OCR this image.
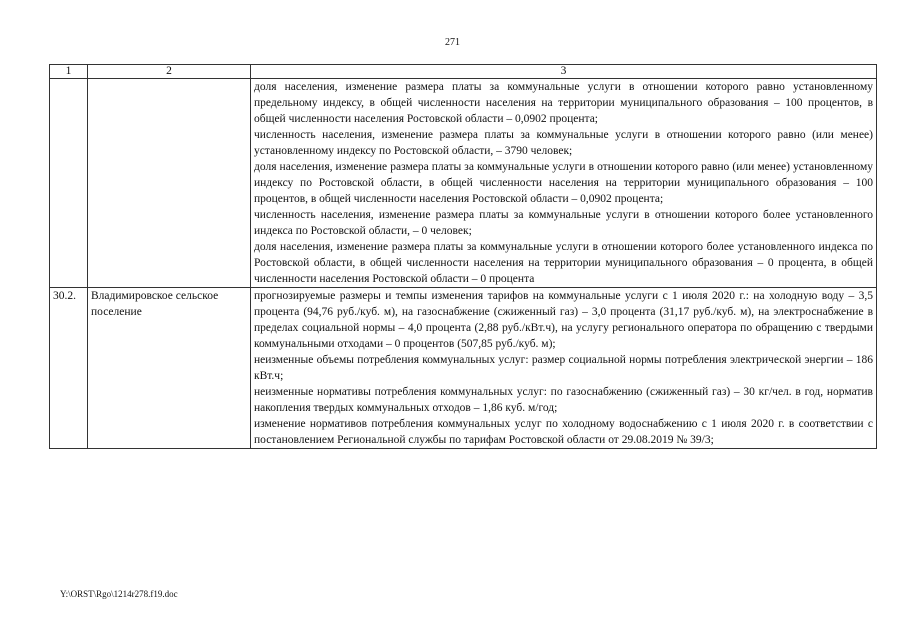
271
1	2	3

		доля населения, изменение размера платы за коммунальные услуги в отношении которого равно установленному предельному индексу, в общей численности населения на территории муниципального образования – 100 процентов, в общей численности населения Ростовской области – 0,0902 процента;

численность населения, изменение размера платы за коммунальные услуги в отношении которого равно (или менее) установленному индексу по Ростовской области, – 3790 человек;

доля населения, изменение размера платы за коммунальные услуги в отношении которого равно (или менее) установленному индексу по Ростовской области, в общей численности населения на территории муниципального образования – 100 процентов, в общей численности населения Ростовской области – 0,0902 процента;

численность населения, изменение размера платы за коммунальные услуги в отношении которого более установленного индекса по Ростовской области, – 0 человек;

доля населения, изменение размера платы за коммунальные услуги в отношении которого более установленного индекса по Ростовской области, в общей численности населения на территории муниципального образования – 0 процента, в общей численности населения Ростовской области – 0 процента

30.2.	Владимировское сельское поселение	прогнозируемые размеры и темпы изменения тарифов на коммунальные услуги с 1 июля 2020 г.: на холодную воду – 3,5 процента (94,76 руб./куб. м), на газоснабжение (сжиженный газ) – 3,0 процента (31,17 руб./куб. м), на электроснабжение в пределах социальной нормы – 4,0 процента (2,88 руб./кВт.ч), на услугу регионального оператора по обращению с твердыми коммунальными отходами – 0 процентов (507,85 руб./куб. м);

неизменные объемы потребления коммунальных услуг: размер социальной нормы потребления электрической энергии – 186 кВт.ч;

неизменные нормативы потребления коммунальных услуг: по газоснабжению (сжиженный газ) – 30 кг/чел. в год, норматив накопления твердых коммунальных отходов – 1,86 куб. м/год;

изменение нормативов потребления коммунальных услуг по холодному водоснабжению с 1 июля 2020 г. в соответствии с постановлением Региональной службы по тарифам Ростовской области от 29.08.2019 № 39/3;

Y:\ORST\Rgo\1214r278.f19.doc
